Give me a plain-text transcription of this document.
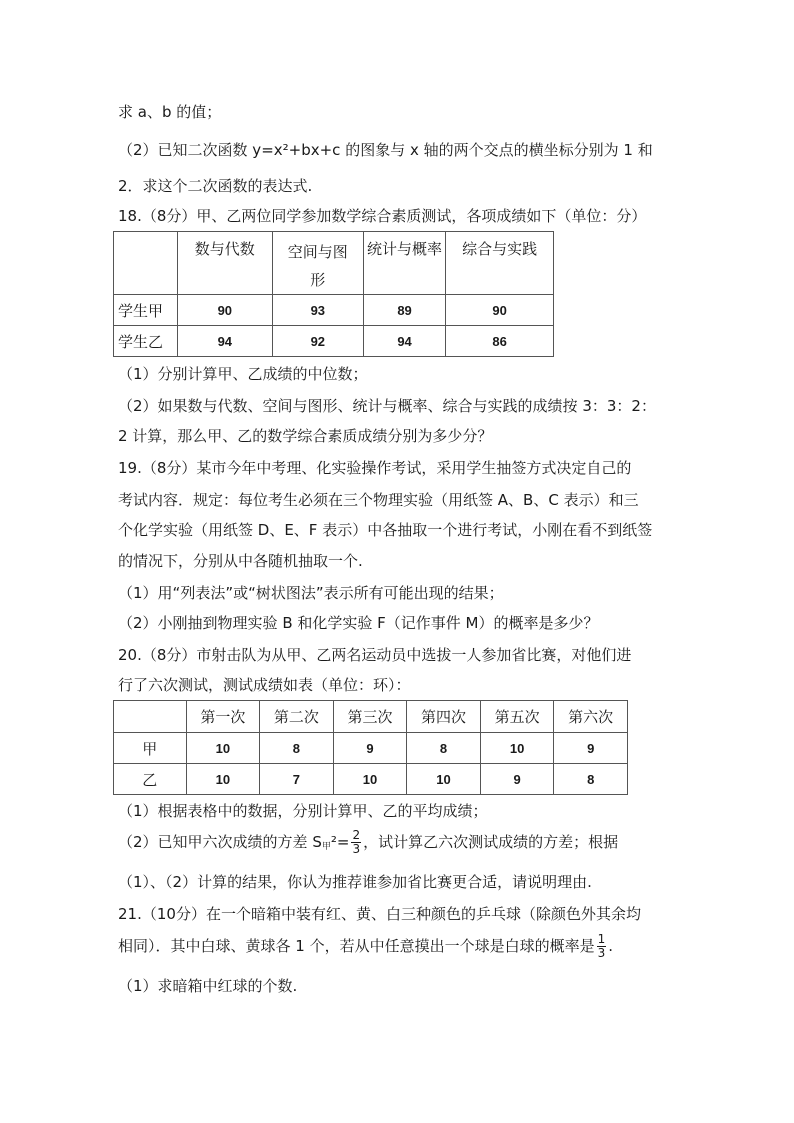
求 a、b 的值；
（2）已知二次函数 y=x²+bx+c 的图象与 x 轴的两个交点的横坐标分别为 1 和
2．求这个二次函数的表达式.
18.（8分）甲、乙两位同学参加数学综合素质测试，各项成绩如下（单位：分）
	数与代数	空间与图
形	统计与概率	综合与实践
学生甲	90	93	89	90
学生乙	94	92	94	86
（1）分别计算甲、乙成绩的中位数；
（2）如果数与代数、空间与图形、统计与概率、综合与实践的成绩按 3：3：2：
2 计算，那么甲、乙的数学综合素质成绩分别为多少分？
19.（8分）某市今年中考理、化实验操作考试，采用学生抽签方式决定自己的
考试内容．规定：每位考生必须在三个物理实验（用纸签 A、B、C 表示）和三
个化学实验（用纸签 D、E、F 表示）中各抽取一个进行考试，小刚在看不到纸签
的情况下，分别从中各随机抽取一个.
（1）用“列表法”或“树状图法”表示所有可能出现的结果；
（2）小刚抽到物理实验 B 和化学实验 F（记作事件 M）的概率是多少？
20.（8分）市射击队为从甲、乙两名运动员中选拔一人参加省比赛，对他们进
行了六次测试，测试成绩如表（单位：环）：
	第一次	第二次	第三次	第四次	第五次	第六次
甲	10	8	9	8	10	9
乙	10	7	10	10	9	8
（1）根据表格中的数据，分别计算甲、乙的平均成绩；
（2）已知甲六次成绩的方差 $S_甲^2= \frac{2}{3}$ ，试计算乙六次测试成绩的方差；根据
（1）、（2）计算的结果，你认为推荐谁参加省比赛更合适，请说明理由.
21.（10分）在一个暗箱中装有红、黄、白三种颜色的乒乓球（除颜色外其余均
相同）．其中白球、黄球各 1 个，若从中任意摸出一个球是白球的概率是 $\frac{1}{3}$ .
（1）求暗箱中红球的个数.
